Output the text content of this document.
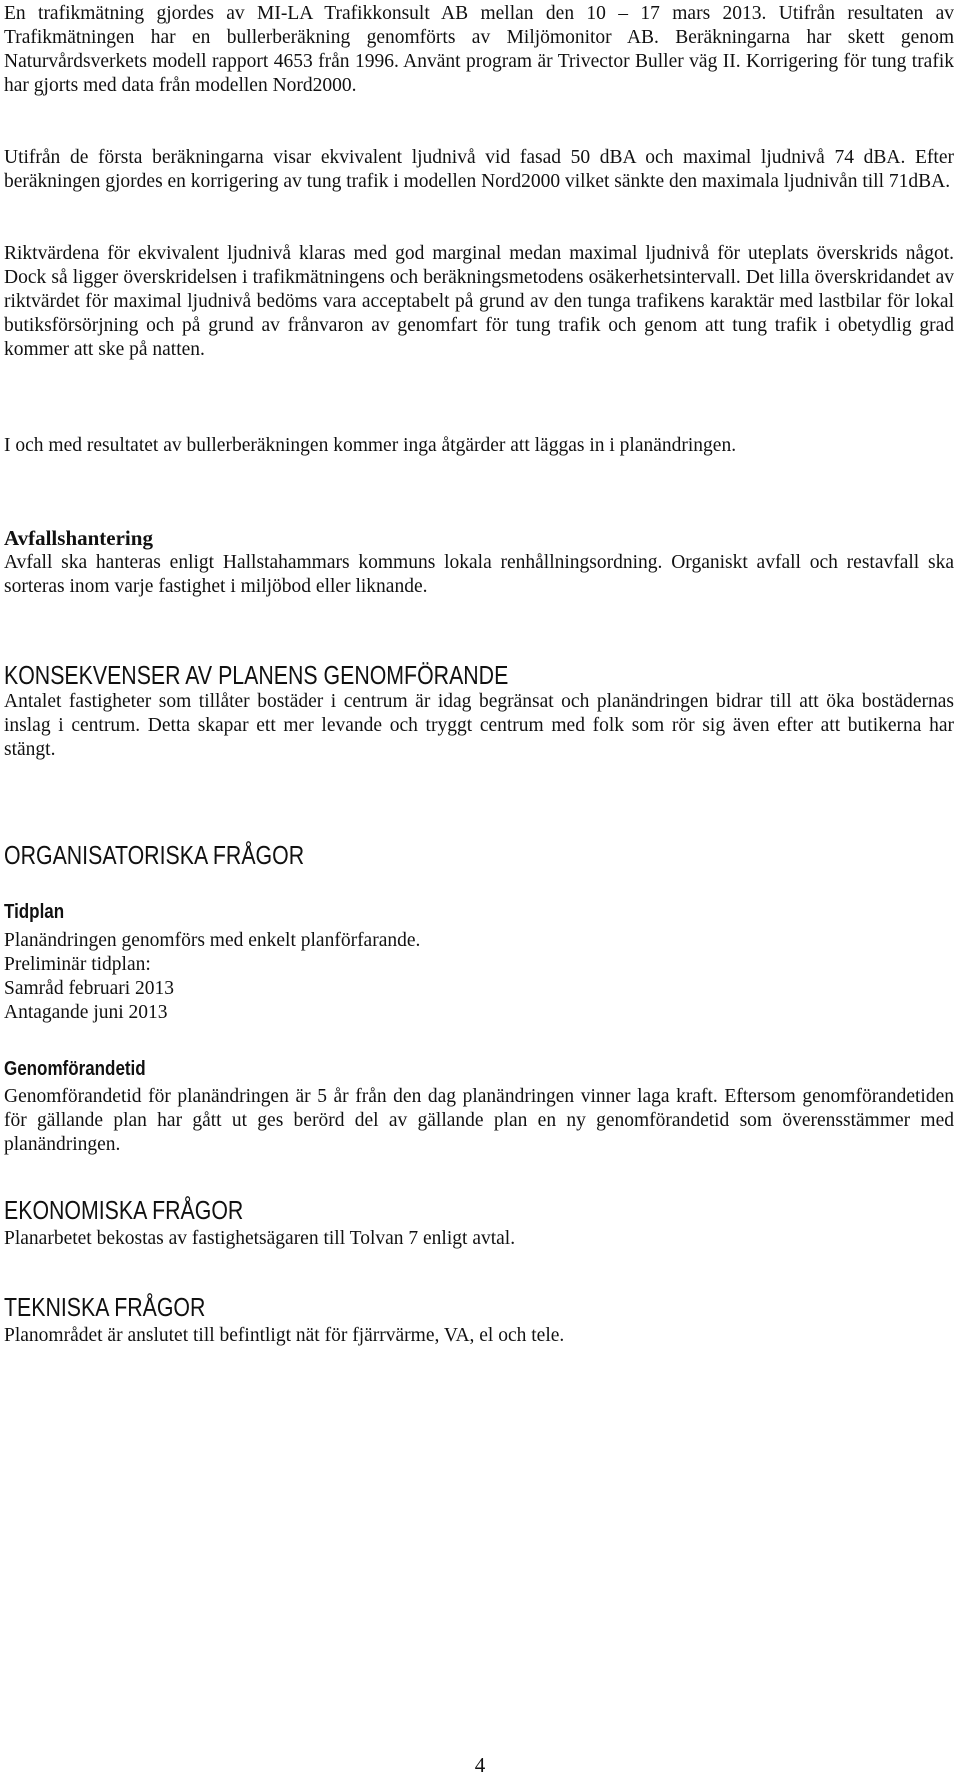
En trafikmätning gjordes av MI-LA Trafikkonsult AB mellan den 10 – 17 mars 2013. Utifrån resultaten av Trafikmätningen har en bullerberäkning genomförts av Miljömonitor AB. Beräkningarna har skett genom Naturvårdsverkets modell rapport 4653 från 1996. Använt program är Trivector Buller väg II. Korrigering för tung trafik har gjorts med data från modellen Nord2000.

Utifrån de första beräkningarna visar ekvivalent ljudnivå vid fasad 50 dBA och maximal ljudnivå 74 dBA. Efter beräkningen gjordes en korrigering av tung trafik i modellen Nord2000 vilket sänkte den maximala ljudnivån till 71dBA.

Riktvärdena för ekvivalent ljudnivå klaras med god marginal medan maximal ljudnivå för uteplats överskrids något. Dock så ligger överskridelsen i trafikmätningens och beräkningsmetodens osäkerhetsintervall. Det lilla överskridandet av riktvärdet för maximal ljudnivå bedöms vara acceptabelt på grund av den tunga trafikens karaktär med lastbilar för lokal butiksförsörjning och på grund av frånvaron av genomfart för tung trafik och genom att tung trafik i obetydlig grad kommer att ske på natten.

I och med resultatet av bullerberäkningen kommer inga åtgärder att läggas in i planändringen.

Avfallshantering

Avfall ska hanteras enligt Hallstahammars kommuns lokala renhållningsordning. Organiskt avfall och restavfall ska sorteras inom varje fastighet i miljöbod eller liknande.

KONSEKVENSER AV PLANENS GENOMFÖRANDE

Antalet fastigheter som tillåter bostäder i centrum är idag begränsat och planändringen bidrar till att öka bostädernas inslag i centrum. Detta skapar ett mer levande och tryggt centrum med folk som rör sig även efter att butikerna har stängt.

ORGANISATORISKA FRÅGOR
Tidplan

Planändringen genomförs med enkelt planförfarande.

Preliminär tidplan:

Samråd februari 2013

Antagande juni 2013

Genomförandetid

Genomförandetid för planändringen är 5 år från den dag planändringen vinner laga kraft. Eftersom genomförandetiden för gällande plan har gått ut ges berörd del av gällande plan en ny genomförandetid som överensstämmer med planändringen.

EKONOMISKA FRÅGOR

Planarbetet bekostas av fastighetsägaren till Tolvan 7 enligt avtal.

TEKNISKA FRÅGOR

Planområdet är anslutet till befintligt nät för fjärrvärme, VA, el och tele.

4
